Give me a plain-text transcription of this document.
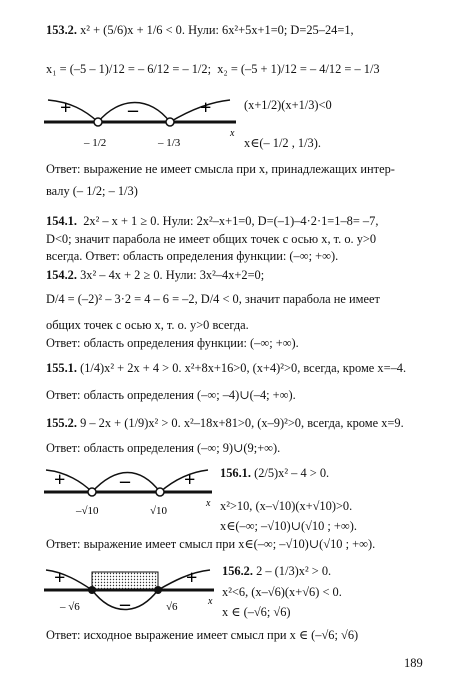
153.2. x² + (5/6)x + 1/6 < 0. Нули: 6x²+5x+1=0; D=25–24=1,
x₁ = (–5 – 1)/12 = – 6/12 = – 1/2; x₂ = (–5 + 1)/12 = – 4/12 = – 1/3
+	–	+
– 1/2	– 1/3
x
(x+1/2)(x+1/3)<0
x∈(– 1/2 , 1/3).
Ответ: выражение не имеет смысла при x, принадлежащих интер-
валу (– 1/2; – 1/3)
154.1. 2x² – x + 1 ≥ 0. Нули: 2x²–x+1=0, D=(–1)–4·2·1=1–8= –7,
D<0; значит парабола не имеет общих точек с осью x, т. о. y>0
всегда. Ответ: область определения функции: (–∞; +∞).
154.2. 3x² – 4x + 2 ≥ 0. Нули: 3x²–4x+2=0;
D/4 = (–2)² – 3·2 = 4 – 6 = –2, D/4 < 0, значит парабола не имеет
общих точек с осью x, т. о. y>0 всегда.
Ответ: область определения функции: (–∞; +∞).
155.1. (1/4)x² + 2x + 4 > 0. x²+8x+16>0, (x+4)²>0, всегда, кроме x=–4.
Ответ: область определения (–∞; –4)∪(–4; +∞).
155.2. 9 – 2x + (1/9)x² > 0. x²–18x+81>0, (x–9)²>0, всегда, кроме x=9.
Ответ: область определения (–∞; 9)∪(9;+∞).
+	–	+
–√10	√10
x
156.1. (2/5)x² – 4 > 0.
x²>10, (x–√10)(x+√10)>0.
x∈(–∞; –√10)∪(√10 ; +∞).
Ответ: выражение имеет смысл при x∈(–∞; –√10)∪(√10 ; +∞).
+
–
+
– √6	√6	x
156.2. 2 – (1/3)x² > 0.
x²<6, (x–√6)(x+√6) < 0.
x ∈ (–√6; √6)
Ответ: исходное выражение имеет смысл при x ∈ (–√6; √6)
189
